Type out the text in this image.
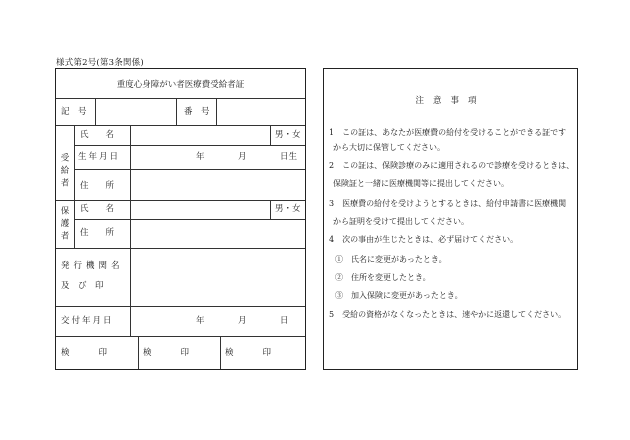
様式第2号(第3条関係)
重度心身障がい者医療費受給者証
記　号	番　号
受給者
氏　　名	男・女
生年月日	年	月	日生
住　　所
保護者 氏　　名	男・女
住　　所
発行機関名
及　び　印
交付年月日	年	月	日
検　　印	検　　印	検　　印
注意事項
1　この証は、あなたが医療費の給付を受けることができる証です
から大切に保管してください。
2　この証は、保険診療のみに適用されるので診療を受けるときは、
保険証と一緒に医療機関等に提出してください。
3　医療費の給付を受けようとするときは、給付申請書に医療機関
から証明を受けて提出してください。
4　次の事由が生じたときは、必ず届けてください。
①　氏名に変更があったとき。
②　住所を変更したとき。
③　加入保険に変更があったとき。
5　受給の資格がなくなったときは、速やかに返還してください。
